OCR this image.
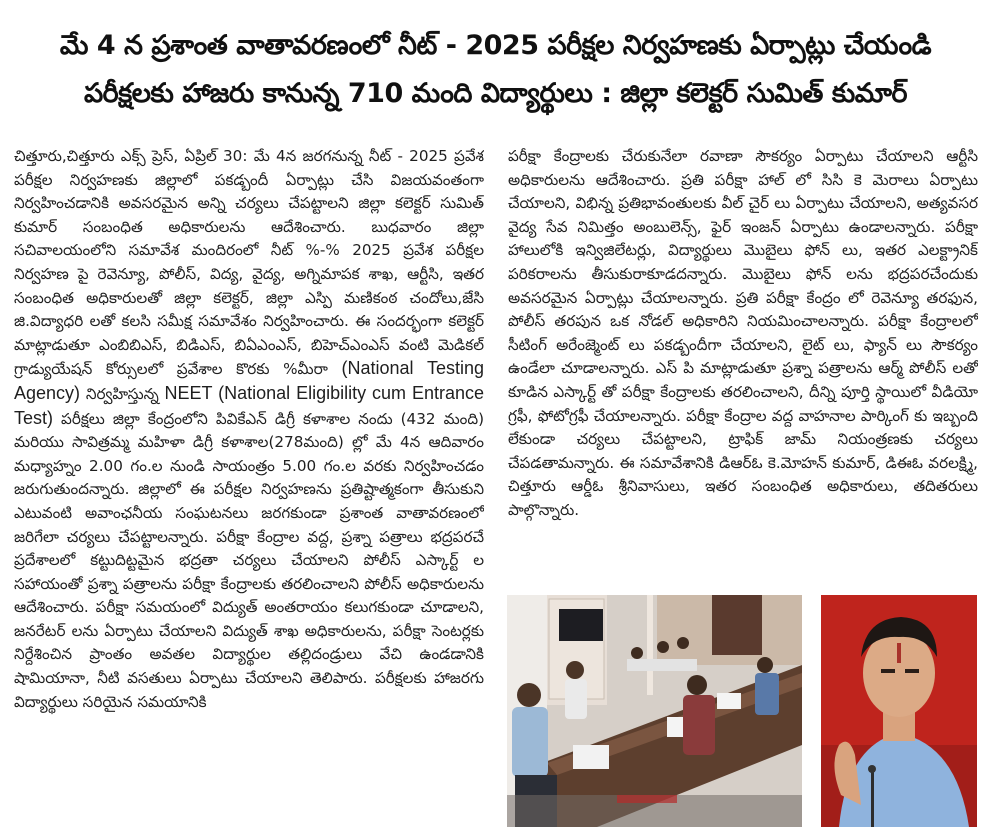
మే 4 న ప్రశాంత వాతావరణంలో నీట్ - 2025 పరీక్షల నిర్వహణకు ఏర్పాట్లు చేయండి
పరీక్షలకు హాజరు కానున్న 710 మంది విద్యార్థులు : జిల్లా కలెక్టర్ సుమిత్ కుమార్

చిత్తూరు,చిత్తూరు ఎక్స్ ప్రెస్, ఏప్రిల్ 30: మే 4న జరగనున్న నీట్ - 2025 ప్రవేశ పరీక్షల నిర్వహణకు జిల్లాలో పకడ్బందీ ఏర్పాట్లు చేసి విజయవంతంగా నిర్వహించడానికి అవసరమైన అన్ని చర్యలు చేపట్టాలని జిల్లా కలెక్టర్ సుమిత్ కుమార్ సంబంధిత అధికారులను ఆదేశించారు. బుధవారం జిల్లా సచివాలయంలోని సమావేశ మందిరంలో నీట్ %-% 2025 ప్రవేశ పరీక్షల నిర్వహణ పై రెవెన్యూ, పోలీస్, విద్య, వైద్య, అగ్నిమాపక శాఖ, ఆర్టీసి, ఇతర సంబంధిత అధికారులతో జిల్లా కలెక్టర్, జిల్లా ఎస్పి మణికంఠ చందోలు,జేసి జి.విద్యాధరి లతో కలసి సమీక్ష సమావేశం నిర్వహించారు. ఈ సందర్భంగా కలెక్టర్ మాట్లాడుతూ ఎంబిబిఎస్, బిడిఎస్, బిఏఎంఎస్, బిహెచ్ఎంఎస్ వంటి మెడికల్ గ్రాడ్యుయేషన్ కోర్సులలో ప్రవేశాల కొరకు %మీరా (National Testing Agency) నిర్వహిస్తున్న NEET (National Eligibility cum Entrance Test) పరీక్షలు జిల్లా కేంద్రంలోని పివికేఎన్ డిగ్రీ కళాశాల నందు (432 మంది) మరియు సావిత్రమ్మ మహిళా డిగ్రీ కళాశాల(278మంది) ల్లో మే 4న ఆదివారం మధ్యాహ్నం 2.00 గం.ల నుండి సాయంత్రం 5.00 గం.ల వరకు నిర్వహించడం జరుగుతుందన్నారు. జిల్లాలో ఈ పరీక్షల నిర్వహణను ప్రతిష్టాత్మకంగా తీసుకుని ఎటువంటి అవాంఛనీయ సంఘటనలు జరగకుండా ప్రశాంత వాతావరణంలో జరిగేలా చర్యలు చేపట్టాలన్నారు. పరీక్షా కేంద్రాల వద్ద, ప్రశ్నా పత్రాలు భద్రపరచే ప్రదేశాలలో కట్టుదిట్టమైన భద్రతా చర్యలు చేయాలని పోలీస్ ఎస్కార్ట్ ల సహాయంతో ప్రశ్నా పత్రాలను పరీక్షా కేంద్రాలకు తరలించాలని పోలీస్ అధికారులను ఆదేశించారు. పరీక్షా సమయంలో విద్యుత్ అంతరాయం కలుగకుండా చూడాలని, జనరేటర్ లను ఏర్పాటు చేయాలని విద్యుత్ శాఖ అధికారులను, పరీక్షా సెంటర్లకు నిర్దేశించిన ప్రాంతం అవతల విద్యార్థుల తల్లిదండ్రులు వేచి ఉండడానికి షామియానా, నీటి వసతులు ఏర్పాటు చేయాలని తెలిపారు. పరీక్షలకు హాజరగు విద్యార్థులు సరియైన సమయానికి

పరీక్షా కేంద్రాలకు చేరుకునేలా రవాణా సౌకర్యం ఏర్పాటు చేయాలని ఆర్టీసి అధికారులను ఆదేశించారు. ప్రతి పరీక్షా హాల్ లో సిసి కె మెరాలు ఏర్పాటు చేయాలని, విభిన్న ప్రతిభావంతులకు వీల్ చైర్ లు ఏర్పాటు చేయాలని, అత్యవసర వైద్య సేవ నిమిత్తం అంబులెన్స్, ఫైర్ ఇంజన్ ఏర్పాటు ఉండాలన్నారు. పరీక్షా హాలులోకి ఇన్విజిలేటర్లు, విద్యార్థులు మొబైలు ఫోన్ లు, ఇతర ఎలక్ట్రానిక్ పరికరాలను తీసుకురాకూడదన్నారు. మొబైలు ఫోన్ లను భద్రపరచేందుకు అవసరమైన ఏర్పాట్లు చేయాలన్నారు. ప్రతి పరీక్షా కేంద్రం లో రెవెన్యూ తరఫున, పోలీస్ తరపున ఒక నోడల్ అధికారిని నియమించాలన్నారు. పరీక్షా కేంద్రాలలో సీటింగ్ అరేంజ్మెంట్ లు పకడ్బందీగా చేయాలని, లైట్ లు, ఫ్యాన్ లు సౌకర్యం ఉండేలా చూడాలన్నారు. ఎస్ పి మాట్లాడుతూ ప్రశ్నా పత్రాలను ఆర్మ్ పోలీస్ లతో కూడిన ఎస్కార్ట్ తో పరీక్షా కేంద్రాలకు తరలించాలని, దీన్ని పూర్తి స్థాయిలో వీడియో గ్రఫీ, ఫోటోగ్రఫీ చేయాలన్నారు. పరీక్షా కేంద్రాల వద్ద వాహనాల పార్కింగ్ కు ఇబ్బంది లేకుండా చర్యలు చేపట్టాలని, ట్రాఫిక్ జామ్ నియంత్రణకు చర్యలు చేపడతామన్నారు. ఈ సమావేశానికి డిఆర్ఓ కె.మోహన్ కుమార్, డిఈఓ వరలక్ష్మి, చిత్తూరు ఆర్డీఓ శ్రీనివాసులు, ఇతర సంబంధిత అధికారులు, తదితరులు పాల్గొన్నారు.
